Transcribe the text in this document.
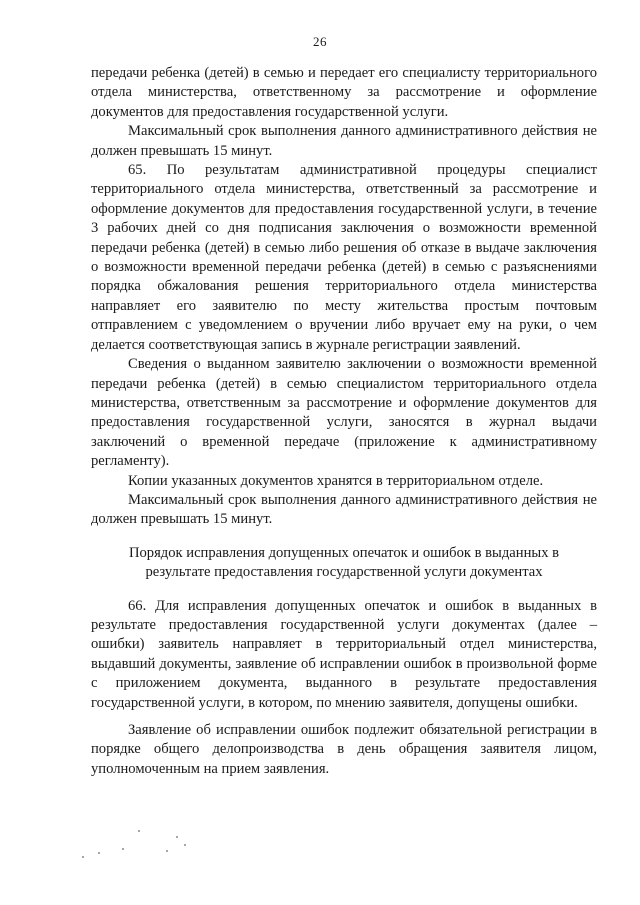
26

передачи ребенка (детей) в семью и передает его специалисту территориального отдела министерства, ответственному за рассмотрение и оформление документов для предоставления государственной услуги.

Максимальный срок выполнения данного административного действия не должен превышать 15 минут.

65. По результатам административной процедуры специалист территориального отдела министерства, ответственный за рассмотрение и оформление документов для предоставления государственной услуги, в течение 3 рабочих дней со дня подписания заключения о возможности временной передачи ребенка (детей) в семью либо решения об отказе в выдаче заключения о возможности временной передачи ребенка (детей) в семью с разъяснениями порядка обжалования решения территориального отдела министерства направляет его заявителю по месту жительства простым почтовым отправлением с уведомлением о вручении либо вручает ему на руки, о чем делается соответствующая запись в журнале регистрации заявлений.

Сведения о выданном заявителю заключении о возможности временной передачи ребенка (детей) в семью специалистом территориального отдела министерства, ответственным за рассмотрение и оформление документов для предоставления государственной услуги, заносятся в журнал выдачи заключений о временной передаче (приложение к административному регламенту).

Копии указанных документов хранятся в территориальном отделе.

Максимальный срок выполнения данного административного действия не должен превышать 15 минут.

Порядок исправления допущенных опечаток и ошибок в выданных в результате предоставления государственной услуги документах

66. Для исправления допущенных опечаток и ошибок в выданных в результате предоставления государственной услуги документах (далее – ошибки) заявитель направляет в территориальный отдел министерства, выдавший документы, заявление об исправлении ошибок в произвольной форме с приложением документа, выданного в результате предоставления государственной услуги, в котором, по мнению заявителя, допущены ошибки.

Заявление об исправлении ошибок подлежит обязательной регистрации в порядке общего делопроизводства в день обращения заявителя лицом, уполномоченным на прием заявления.
